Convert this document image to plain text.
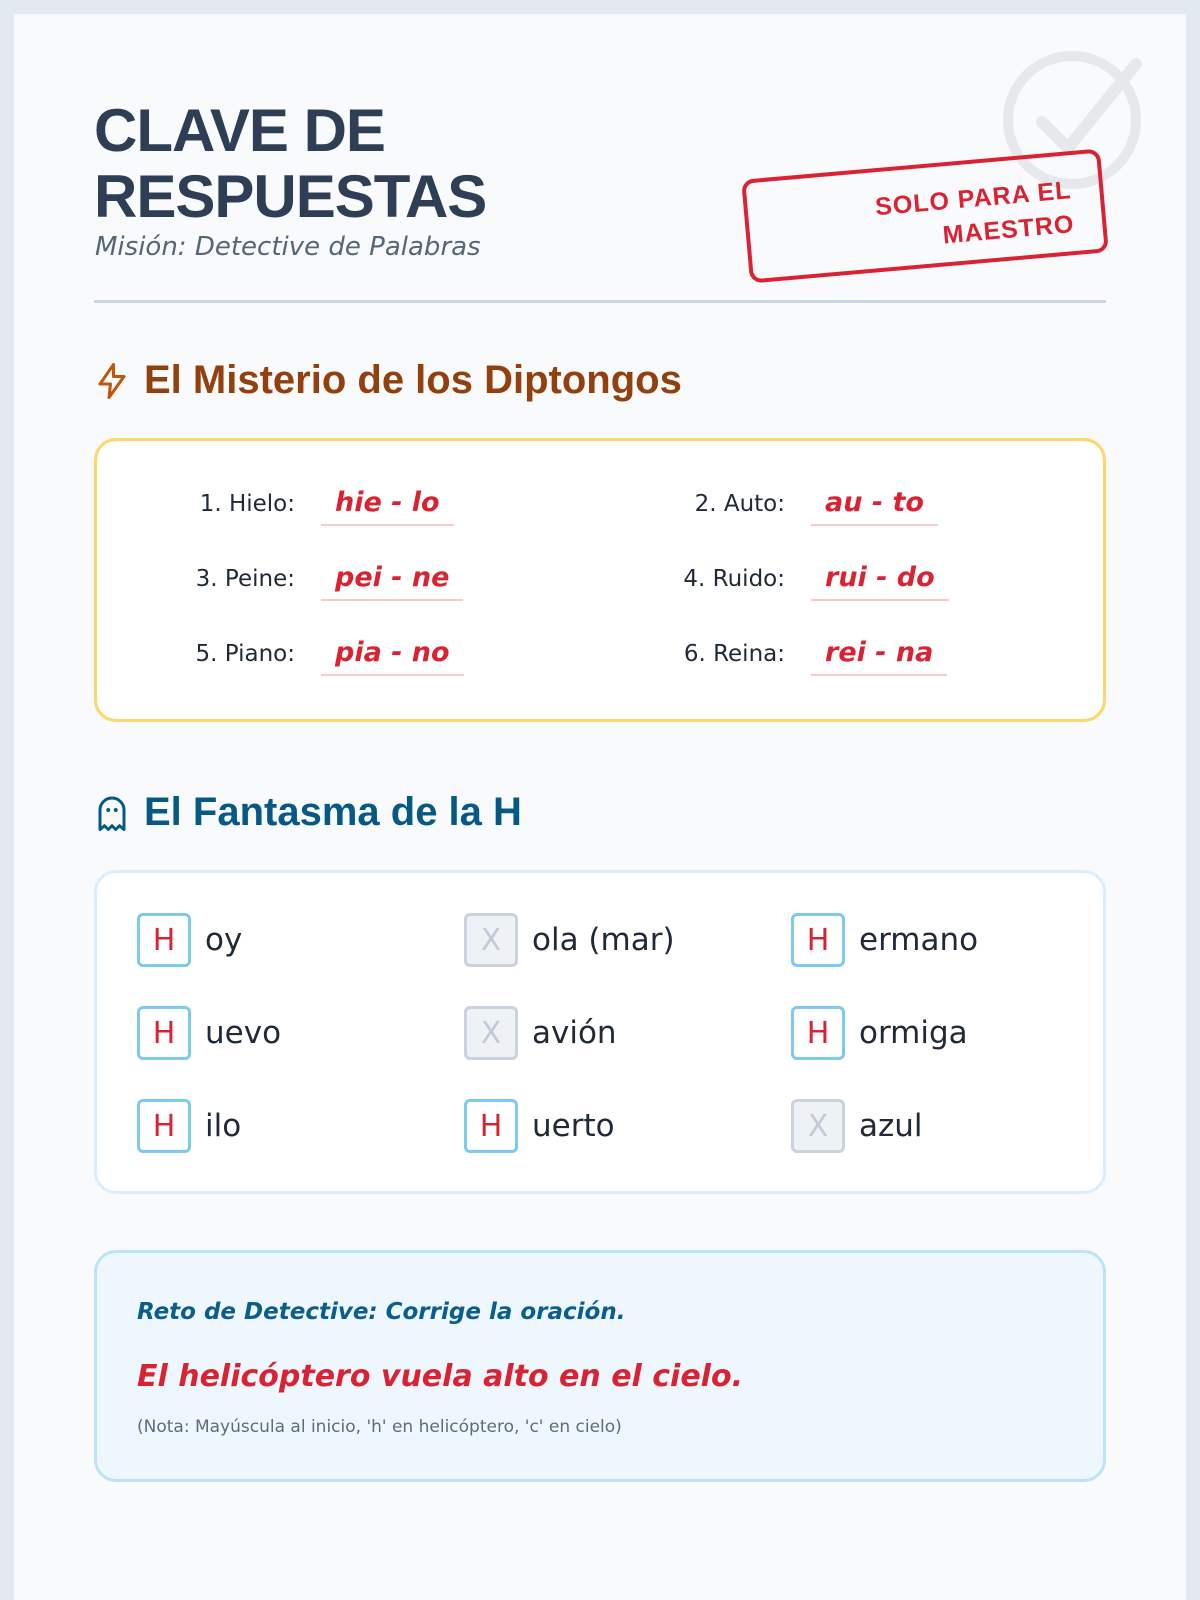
CLAVE DE RESPUESTAS
Misión: Detective de Palabras
SOLO PARA EL MAESTRO
El Misterio de los Diptongos
1. Hielo:	hie - lo	2. Auto:	au - to
3. Peine:	pei - ne	4. Ruido:	rui - do
5. Piano:	pia - no	6. Reina:	rei - na
El Fantasma de la H
H oy	X ola (mar)	H ermano
H uevo	X avión	H ormiga
H ilo	H uerto	X azul
Reto de Detective: Corrige la oración.
El helicóptero vuela alto en el cielo.
(Nota: Mayúscula al inicio, 'h' en helicóptero, 'c' en cielo)
